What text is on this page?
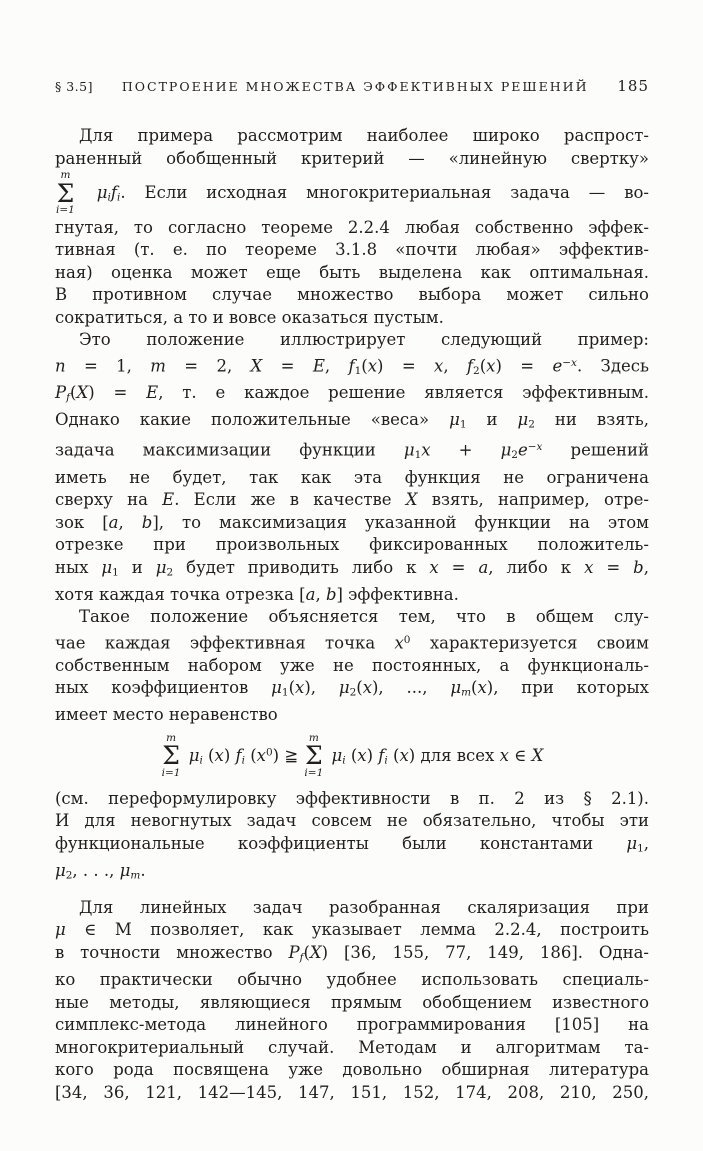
§ 3.5] ПОСТРОЕНИЕ МНОЖЕСТВА ЭФФЕКТИВНЫХ РЕШЕНИЙ 185
Для примера рассмотрим наиболее широко распрост-
раненный обобщенный критерий — «линейную свертку»
m
Σ
i=1
μifi. Если исходная многокритериальная задача — во-
гнутая, то согласно теореме 2.2.4 любая собственно эффек-
тивная (т. е. по теореме 3.1.8 «почти любая» эффектив-
ная) оценка может еще быть выделена как оптимальная.
В противном случае множество выбора может сильно
сократиться, а то и вовсе оказаться пустым.
Это положение иллюстрирует следующий пример:
n = 1, m = 2, X = E, f1(x) = x, $f2(x) = e^{-x}$. Здесь
Pf(X) = E, т. е каждое решение является эффективным.
Однако какие положительные «веса» μ1 и μ2 ни взять,
задача максимизации функции $\mu 1x + \mu 2e^{-x}$ решений
иметь не будет, так как эта функция не ограничена
сверху на E. Если же в качестве X взять, например, отре-
зок [a, b], то максимизация указанной функции на этом
отрезке при произвольных фиксированных положитель-
ных μ1 и μ2 будет приводить либо к x = a, либо к x = b,
хотя каждая точка отрезка [a, b] эффективна.
Такое положение объясняется тем, что в общем слу-
чае каждая эффективная точка $x^0$ характеризуется своим
собственным набором уже не постоянных, а функциональ-
ных коэффициентов μ1(x), μ2(x), ..., μm(x), при которых
имеет место неравенство
m
Σ
i=1
μi (x) fi $(x^0)$ ≧
m
Σ
i=1
μi (x) fi (x) для всех x ∈ X
(см. переформулировку эффективности в п. 2 из § 2.1).
И для невогнутых задач совсем не обязательно, чтобы эти
функциональные коэффициенты были константами μ1,
μ2, . . ., μm.
Для линейных задач разобранная скаляризация при
μ ∈ M позволяет, как указывает лемма 2.2.4, построить
в точности множество Pf(X) [36, 155, 77, 149, 186]. Одна-
ко практически обычно удобнее использовать специаль-
ные методы, являющиеся прямым обобщением известного
симплекс-метода линейного программирования [105] на
многокритериальный случай. Методам и алгоритмам та-
кого рода посвящена уже довольно обширная литература
[34, 36, 121, 142—145, 147, 151, 152, 174, 208, 210, 250,
